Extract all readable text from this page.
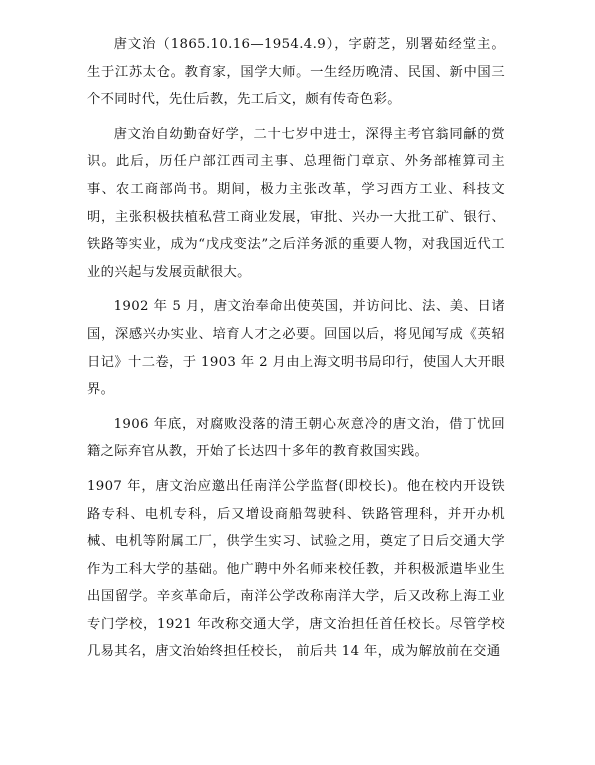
唐文治（1865.10.16—1954.4.9），字蔚芝，别署茹经堂主。生于江苏太仓。教育家，国学大师。一生经历晚清、民国、新中国三个不同时代，先仕后教，先工后文，颇有传奇色彩。

唐文治自幼勤奋好学，二十七岁中进士，深得主考官翁同龢的赏识。此后，历任户部江西司主事、总理衙门章京、外务部榷算司主事、农工商部尚书。期间，极力主张改革，学习西方工业、科技文明，主张积极扶植私营工商业发展，审批、兴办一大批工矿、银行、铁路等实业，成为“戊戌变法”之后洋务派的重要人物，对我国近代工业的兴起与发展贡献很大。

1902 年 5 月，唐文治奉命出使英国，并访问比、法、美、日诸国，深感兴办实业、培育人才之必要。回国以后，将见闻写成《英轺日记》十二卷，于 1903 年 2 月由上海文明书局印行，使国人大开眼界。

1906 年底，对腐败没落的清王朝心灰意冷的唐文治，借丁忧回籍之际弃官从教，开始了长达四十多年的教育救国实践。

1907 年，唐文治应邀出任南洋公学监督(即校长)。他在校内开设铁路专科、电机专科，后又增设商船驾驶科、铁路管理科，并开办机械、电机等附属工厂，供学生实习、试验之用，奠定了日后交通大学作为工科大学的基础。他广聘中外名师来校任教，并积极派遣毕业生出国留学。辛亥革命后，南洋公学改称南洋大学，后又改称上海工业专门学校，1921 年改称交通大学，唐文治担任首任校长。尽管学校几易其名，唐文治始终担任校长， 前后共 14 年，成为解放前在交通
